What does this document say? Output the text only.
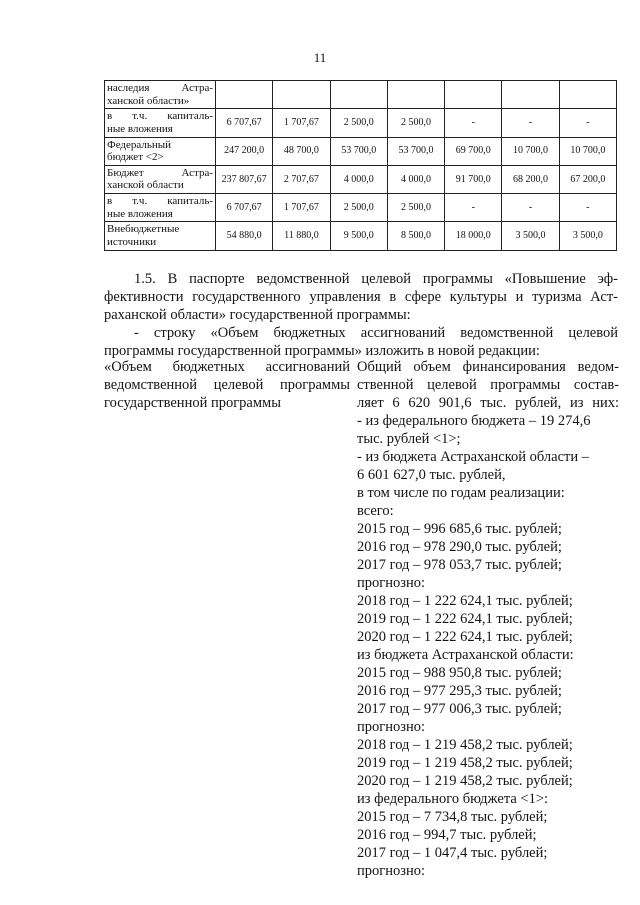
11
наследия Астра-
ханской области»							

в т.ч. капиталь-
ные вложения	6 707,67	1 707,67	2 500,0	2 500,0	-	-	-

Федеральный
бюджет <2>	247 200,0	48 700,0	53 700,0	53 700,0	69 700,0	10 700,0	10 700,0

Бюджет Астра-
ханской области	237 807,67	2 707,67	4 000,0	4 000,0	91 700,0	68 200,0	67 200,0

в т.ч. капиталь-
ные вложения	6 707,67	1 707,67	2 500,0	2 500,0	-	-	-

Внебюджетные
источники	54 880,0	11 880,0	9 500,0	8 500,0	18 000,0	3 500,0	3 500,0
1.5. В паспорте ведомственной целевой программы «Повышение эф-
фективности государственного управления в сфере культуры и туризма Аст-
раханской области» государственной программы:
- строку «Объем бюджетных ассигнований ведомственной целевой
программы государственной программы» изложить в новой редакции:
«Объем бюджетных ассигнований
ведомственной целевой программы
государственной программы
Общий объем финансирования ведом-
ственной целевой программы состав-
ляет 6 620 901,6 тыс. рублей, из них:
- из федерального бюджета – 19 274,6
тыс. рублей <1>;
- из бюджета Астраханской области –
6 601 627,0 тыс. рублей,
в том числе по годам реализации:
всего:
2015 год – 996 685,6 тыс. рублей;
2016 год – 978 290,0 тыс. рублей;
2017 год – 978 053,7 тыс. рублей;
прогнозно:
2018 год – 1 222 624,1 тыс. рублей;
2019 год – 1 222 624,1 тыс. рублей;
2020 год – 1 222 624,1 тыс. рублей;
из бюджета Астраханской области:
2015 год – 988 950,8 тыс. рублей;
2016 год – 977 295,3 тыс. рублей;
2017 год – 977 006,3 тыс. рублей;
прогнозно:
2018 год – 1 219 458,2 тыс. рублей;
2019 год – 1 219 458,2 тыс. рублей;
2020 год – 1 219 458,2 тыс. рублей;
из федерального бюджета <1>:
2015 год – 7 734,8 тыс. рублей;
2016 год – 994,7 тыс. рублей;
2017 год – 1 047,4 тыс. рублей;
прогнозно:
